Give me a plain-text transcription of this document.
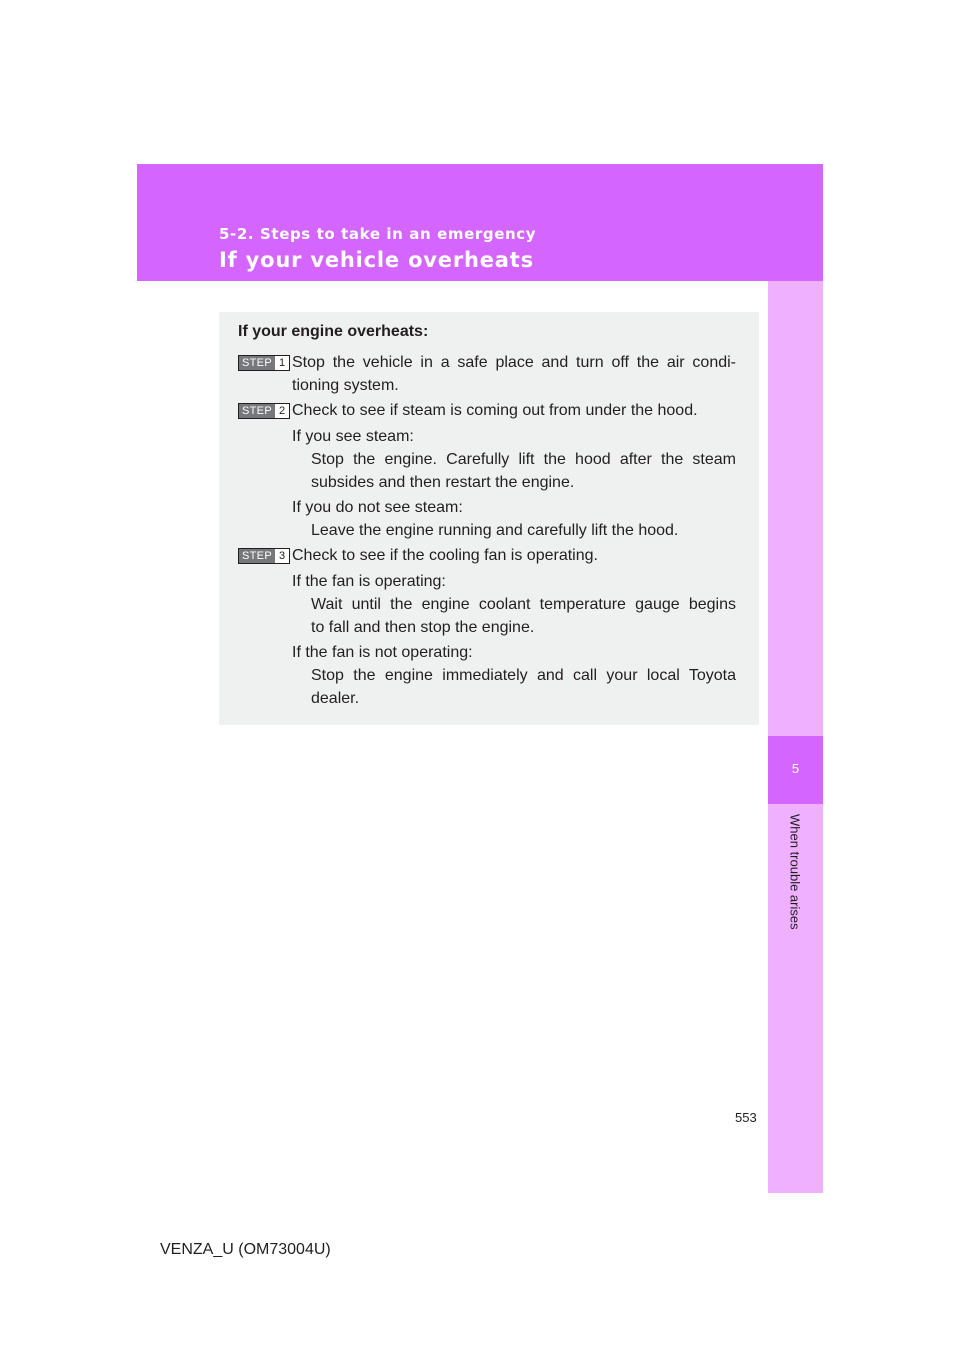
5-2. Steps to take in an emergency
If your vehicle overheats
5
When trouble arises
If your engine overheats:
STEP 1 Stop the vehicle in a safe place and turn off the air condi-
tioning system.
STEP 2 Check to see if steam is coming out from under the hood.
If you see steam:
Stop the engine. Carefully lift the hood after the steam
subsides and then restart the engine.
If you do not see steam:
Leave the engine running and carefully lift the hood.
STEP 3 Check to see if the cooling fan is operating.
If the fan is operating:
Wait until the engine coolant temperature gauge begins
to fall and then stop the engine.
If the fan is not operating:
Stop the engine immediately and call your local Toyota
dealer.
553
VENZA_U (OM73004U)
